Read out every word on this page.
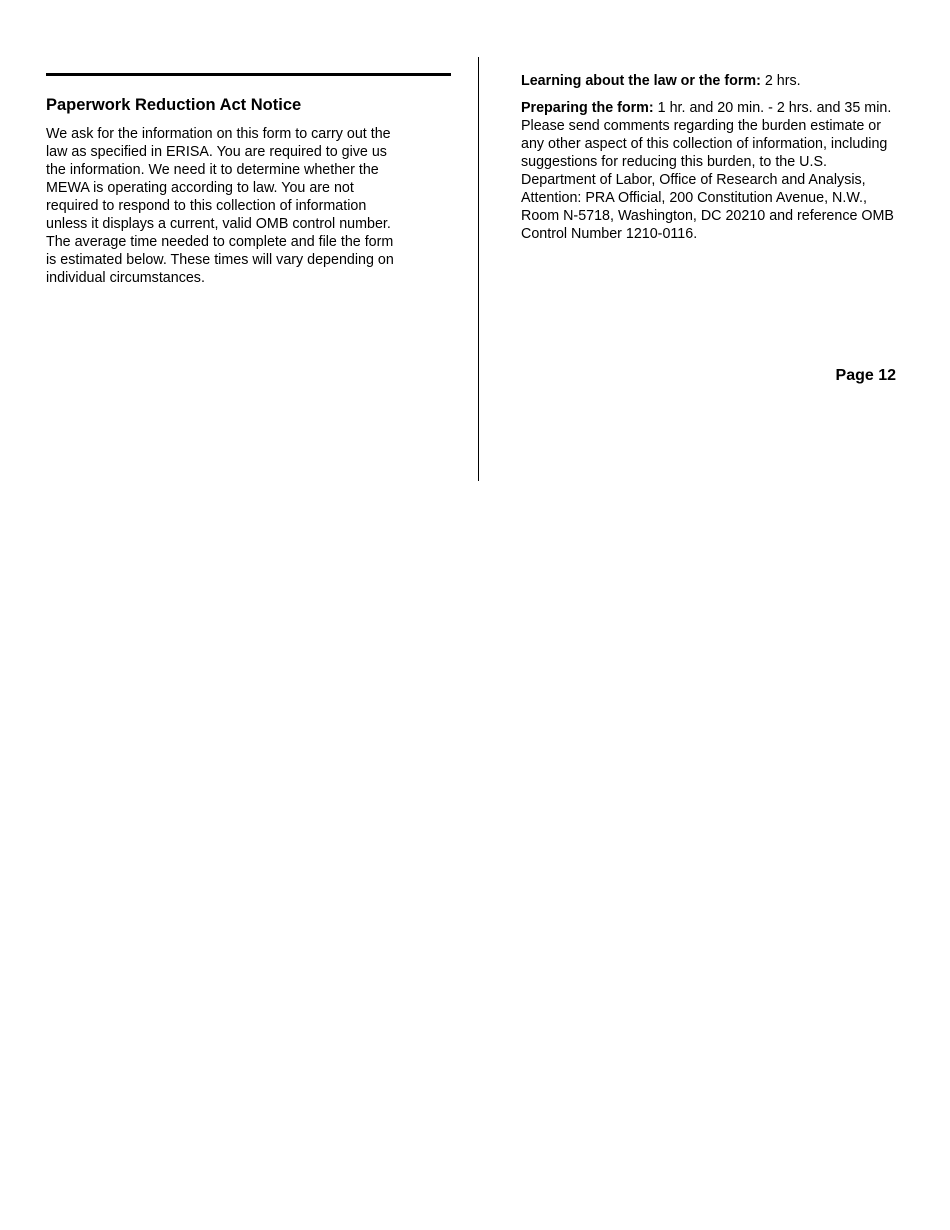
Paperwork Reduction Act Notice

We ask for the information on this form to carry out the law as specified in ERISA. You are required to give us the information. We need it to determine whether the MEWA is operating according to law. You are not required to respond to this collection of information unless it displays a current, valid OMB control number. The average time needed to complete and file the form is estimated below. These times will vary depending on individual circumstances.

Learning about the law or the form: 2 hrs.

Preparing the form: 1 hr. and 20 min. - 2 hrs. and 35 min.

Please send comments regarding the burden estimate or any other aspect of this collection of information, including suggestions for reducing this burden, to the U.S. Department of Labor, Office of Research and Analysis, Attention: PRA Official, 200 Constitution Avenue, N.W., Room N-5718, Washington, DC 20210 and reference OMB Control Number 1210-0116.

Page 12
